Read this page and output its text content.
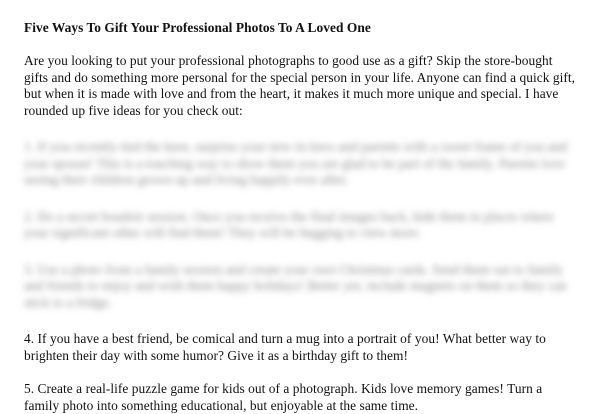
Five Ways To Gift Your Professional Photos To A Loved One
Are you looking to put your professional photographs to good use as a gift? Skip the store-bought gifts and do something more personal for the special person in your life. Anyone can find a quick gift, but when it is made with love and from the heart, it makes it much more unique and special. I have rounded up five ideas for you check out:
1. If you recently tied the knot, surprise your new in-laws and parents with a sweet frame of you and your spouse! This is a touching way to show them you are glad to be part of the family. Parents love seeing their children grown up and living happily ever after.
2. Do a secret boudoir session. Once you receive the final images back, hide them in places where your significant other will find them! They will be begging to view more.
3. Use a photo from a family session and create your own Christmas cards. Send them out to family and friends to enjoy and wish them happy holidays! Better yet, include magnets on them so they can stick to a fridge.
4. If you have a best friend, be comical and turn a mug into a portrait of you! What better way to brighten their day with some humor? Give it as a birthday gift to them!
5. Create a real-life puzzle game for kids out of a photograph. Kids love memory games! Turn a family photo into something educational, but enjoyable at the same time.
